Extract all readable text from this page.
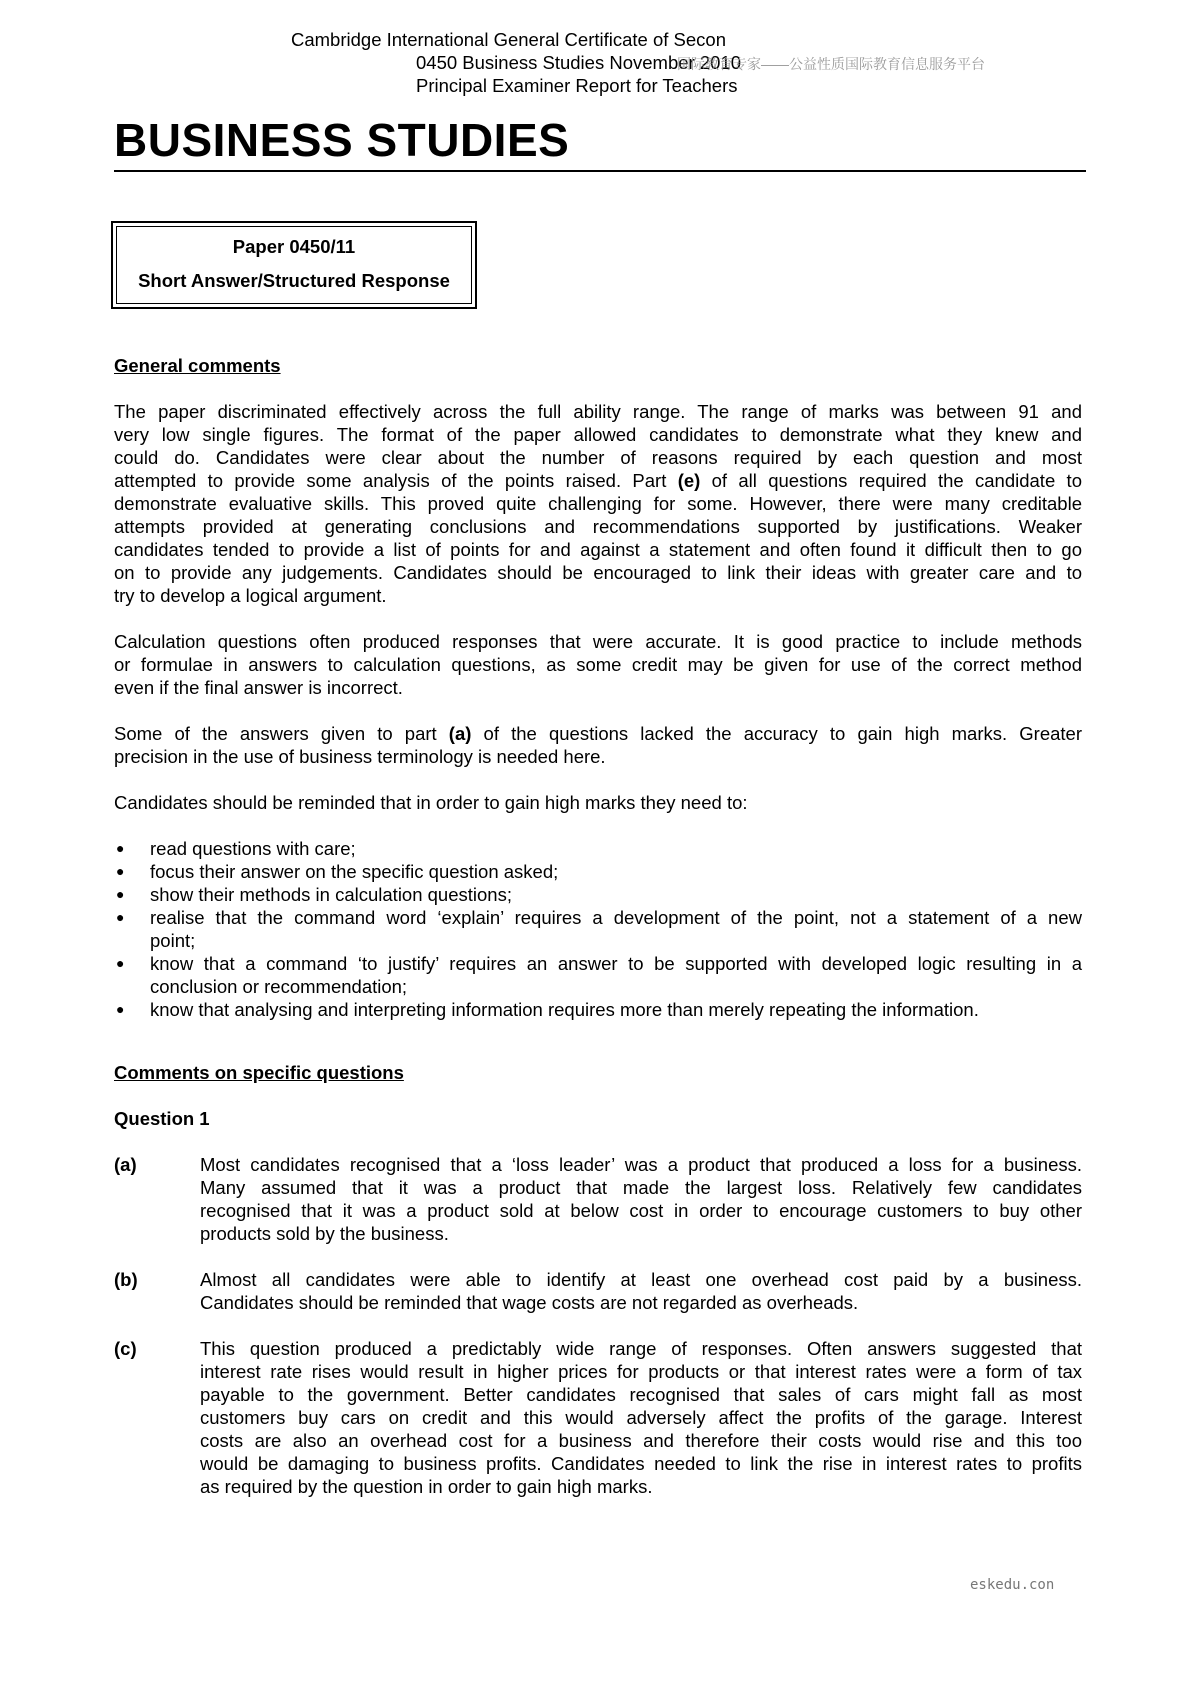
Cambridge International General Certificate of Secon
0450 Business Studies November 2010
国际教育专家——公益性质国际教育信息服务平台
Principal Examiner Report for Teachers
BUSINESS STUDIES
Paper 0450/11
Short Answer/Structured Response
General comments
The paper discriminated effectively across the full ability range. The range of marks was between 91 and
very low single figures. The format of the paper allowed candidates to demonstrate what they knew and
could do. Candidates were clear about the number of reasons required by each question and most
attempted to provide some analysis of the points raised. Part (e) of all questions required the candidate to
demonstrate evaluative skills. This proved quite challenging for some. However, there were many creditable
attempts provided at generating conclusions and recommendations supported by justifications. Weaker
candidates tended to provide a list of points for and against a statement and often found it difficult then to go
on to provide any judgements. Candidates should be encouraged to link their ideas with greater care and to
try to develop a logical argument.
Calculation questions often produced responses that were accurate. It is good practice to include methods
or formulae in answers to calculation questions, as some credit may be given for use of the correct method
even if the final answer is incorrect.
Some of the answers given to part (a) of the questions lacked the accuracy to gain high marks. Greater
precision in the use of business terminology is needed here.
Candidates should be reminded that in order to gain high marks they need to:
● read questions with care;
● focus their answer on the specific question asked;
● show their methods in calculation questions;
● realise that the command word ‘explain’ requires a development of the point, not a statement of a new
point;
● know that a command ‘to justify’ requires an answer to be supported with developed logic resulting in a
conclusion or recommendation;
● know that analysing and interpreting information requires more than merely repeating the information.
Comments on specific questions
Question 1
(a)	Most candidates recognised that a ‘loss leader’ was a product that produced a loss for a business.
Many assumed that it was a product that made the largest loss. Relatively few candidates
recognised that it was a product sold at below cost in order to encourage customers to buy other
products sold by the business.
(b)	Almost all candidates were able to identify at least one overhead cost paid by a business.
Candidates should be reminded that wage costs are not regarded as overheads.
(c)	This question produced a predictably wide range of responses. Often answers suggested that
interest rate rises would result in higher prices for products or that interest rates were a form of tax
payable to the government. Better candidates recognised that sales of cars might fall as most
customers buy cars on credit and this would adversely affect the profits of the garage. Interest
costs are also an overhead cost for a business and therefore their costs would rise and this too
would be damaging to business profits. Candidates needed to link the rise in interest rates to profits
as required by the question in order to gain high marks.
eskedu.con
